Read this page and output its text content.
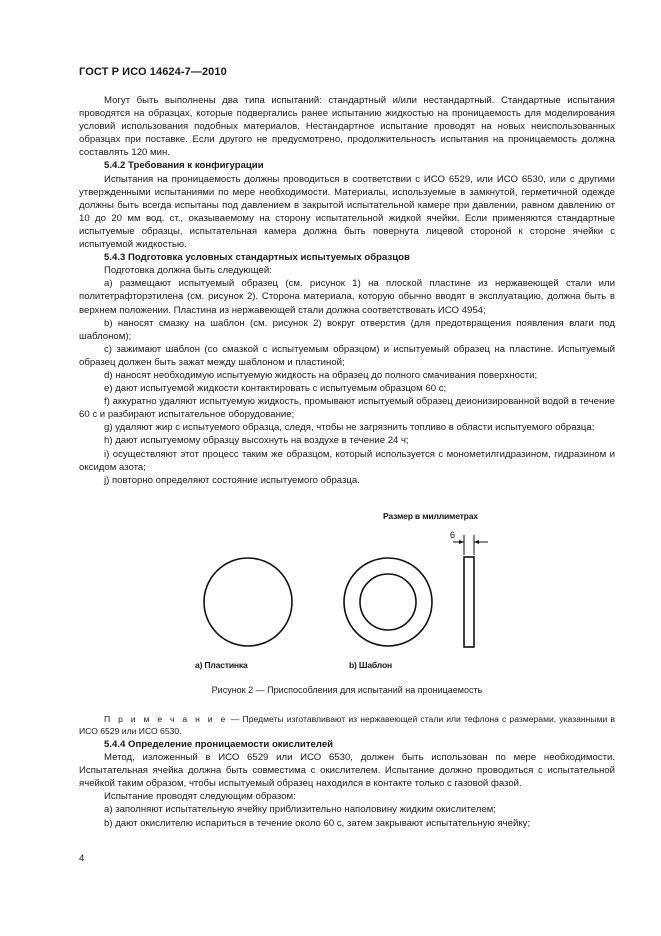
ГОСТ Р ИСО 14624-7—2010

Могут быть выполнены два типа испытаний: стандартный и/или нестандартный. Стандартные испытания проводятся на образцах, которые подвергались ранее испытанию жидкостью на проницаемость для моделирования условий использования подобных материалов. Нестандартное испытание проводят на новых неиспользованных образцах при поставке. Если другого не предусмотрено, продолжительность испытания на проницаемость должна составлять 120 мин.

5.4.2 Требования к конфигурации

Испытания на проницаемость должны проводиться в соответствии с ИСО 6529, или ИСО 6530, или с другими утвержденными испытаниями по мере необходимости. Материалы, используемые в замкнутой, герметичной одежде должны быть всегда испытаны под давлением в закрытой испытательной камере при давлении, равном давлению от 10 до 20 мм вод. ст., оказываемому на сторону испытательной жидкой ячейки. Если применяются стандартные испытуемые образцы, испытательная камера должна быть повернута лицевой стороной к стороне ячейки с испытуемой жидкостью.

5.4.3 Подготовка условных стандартных испытуемых образцов

Подготовка должна быть следующей:

a) размещают испытуемый образец (см. рисунок 1) на плоской пластине из нержавеющей стали или политетрафторэтилена (см. рисунок 2). Сторона материала, которую обычно вводят в эксплуатацию, должна быть в верхнем положении. Пластина из нержавеющей стали должна соответствовать ИСО 4954;

b) наносят смазку на шаблон (см. рисунок 2) вокруг отверстия (для предотвращения появления влаги под шаблоном);

c) зажимают шаблон (со смазкой с испытуемым образцом) и испытуемый образец на пластине. Испытуемый образец должен быть зажат между шаблоном и пластиной;

d) наносят необходимую испытуемую жидкость на образец до полного смачивания поверхности;

e) дают испытуемой жидкости контактировать с испытуемым образцом 60 с;

f) аккуратно удаляют испытуемую жидкость, промывают испытуемый образец деионизированной водой в течение 60 с и разбирают испытательное оборудование;

g) удаляют жир с испытуемого образца, следя, чтобы не загрязнить топливо в области испытуемого образца;

h) дают испытуемому образцу высохнуть на воздухе в течение 24 ч;

i) осуществляют этот процесс таким же образцом, который используется с монометилгидразином, гидразином и оксидом азота;

j) повторно определяют состояние испытуемого образца.

Размер в миллиметрах
6
a) Пластинка	b) Шаблон
Рисунок 2 — Приспособления для испытаний на проницаемость
П р и м е ч а н и е — Предметы изготавливают из нержавеющей стали или тефлона с размерами, указанными в ИСО 6529 или ИСО 6530.

5.4.4 Определение проницаемости окислителей

Метод, изложенный в ИСО 6529 или ИСО 6530, должен быть использован по мере необходимости. Испытательная ячейка должна быть совместима с окислителем. Испытание должно проводиться с испытательной ячейкой таким образом, чтобы испытуемый образец находился в контакте только с газовой фазой.

Испытание проводят следующим образом:

a) заполняют испытательную ячейку приблизительно наполовину жидким окислителем;

b) дают окислителю испариться в течение около 60 с, затем закрывают испытательную ячейку;

4
